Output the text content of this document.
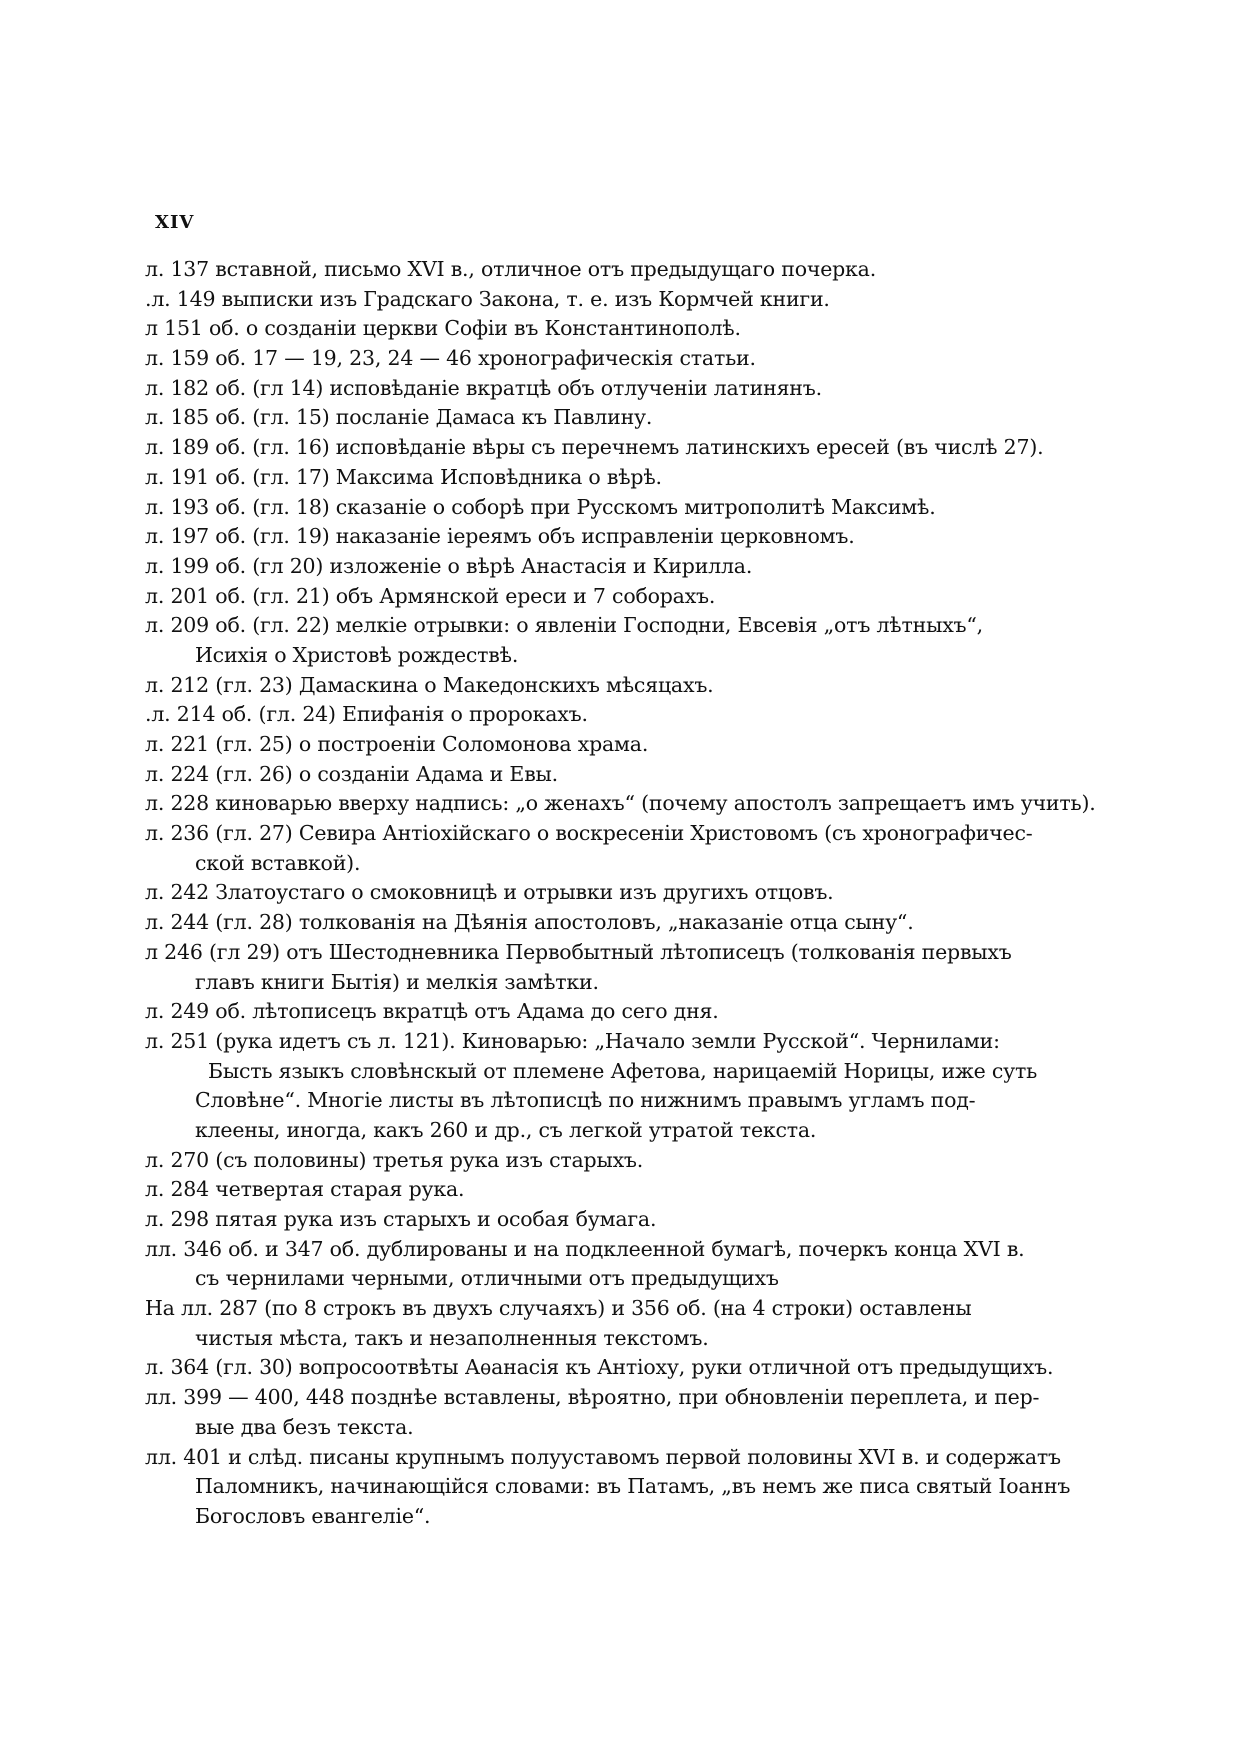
XIV
л. 137 вставной, письмо XVI в., отличное отъ предыдущаго почерка.
.л. 149 выписки изъ Градскаго Закона, т. е. изъ Кормчей книги.
л 151 об. о созданіи церкви Софіи въ Константинополѣ.
л. 159 об. 17 — 19, 23, 24 — 46 хронографическія статьи.
л. 182 об. (гл 14) исповѣданіе вкратцѣ объ отлученіи латинянъ.
л. 185 об. (гл. 15) посланіе Дамаса къ Павлину.
л. 189 об. (гл. 16) исповѣданіе вѣры съ перечнемъ латинскихъ ересей (въ числѣ 27).
л. 191 об. (гл. 17) Максима Исповѣдника о вѣрѣ.
л. 193 об. (гл. 18) сказаніе о соборѣ при Русскомъ митрополитѣ Максимѣ.
л. 197 об. (гл. 19) наказаніе іереямъ объ исправленіи церковномъ.
л. 199 об. (гл 20) изложеніе о вѣрѣ Анастасія и Кирилла.
л. 201 об. (гл. 21) объ Армянской ереси и 7 соборахъ.
л. 209 об. (гл. 22) мелкіе отрывки: о явленіи Господни, Евсевія „отъ лѣтныхъ“,
Исихія о Христовѣ рождествѣ.
л. 212 (гл. 23) Дамаскина о Македонскихъ мѣсяцахъ.
.л. 214 об. (гл. 24) Епифанія о пророкахъ.
л. 221 (гл. 25) о построеніи Соломонова храма.
л. 224 (гл. 26) о созданіи Адама и Евы.
л. 228 киноварью вверху надпись: „о женахъ“ (почему апостолъ запрещаетъ имъ учить).
л. 236 (гл. 27) Севира Антіохійскаго о воскресеніи Христовомъ (съ хронографичес-
ской вставкой).
л. 242 Златоустаго о смоковницѣ и отрывки изъ другихъ отцовъ.
л. 244 (гл. 28) толкованія на Дѣянія апостоловъ, „наказаніе отца сыну“.
л 246 (гл 29) отъ Шестодневника Первобытный лѣтописецъ (толкованія первыхъ
главъ книги Бытія) и мелкія замѣтки.
л. 249 об. лѣтописецъ вкратцѣ отъ Адама до сего дня.
л. 251 (рука идетъ съ л. 121). Киноварью: „Начало земли Русской“. Чернилами:
Бысть языкъ словѣнскый от племене Афетова, нарицаемій Норицы, иже суть
Словѣне“. Многіе листы въ лѣтописцѣ по нижнимъ правымъ угламъ под-
клеены, иногда, какъ 260 и др., съ легкой утратой текста.
л. 270 (съ половины) третья рука изъ старыхъ.
л. 284 четвертая старая рука.
л. 298 пятая рука изъ старыхъ и особая бумага.
лл. 346 об. и 347 об. дублированы и на подклеенной бумагѣ, почеркъ конца XVI в.
съ чернилами черными, отличными отъ предыдущихъ
На лл. 287 (по 8 строкъ въ двухъ случаяхъ) и 356 об. (на 4 строки) оставлены
чистыя мѣста, такъ и незаполненныя текстомъ.
л. 364 (гл. 30) вопросоотвѣты Аѳанасія къ Антіоху, руки отличной отъ предыдущихъ.
лл. 399 — 400, 448 позднѣе вставлены, вѣроятно, при обновленіи переплета, и пер-
вые два безъ текста.
лл. 401 и слѣд. писаны крупнымъ полууставомъ первой половины XVI в. и содержатъ
Паломникъ, начинающійся словами: въ Патамъ, „въ немъ же писа святый Іоаннъ
Богословъ евангеліе“.
